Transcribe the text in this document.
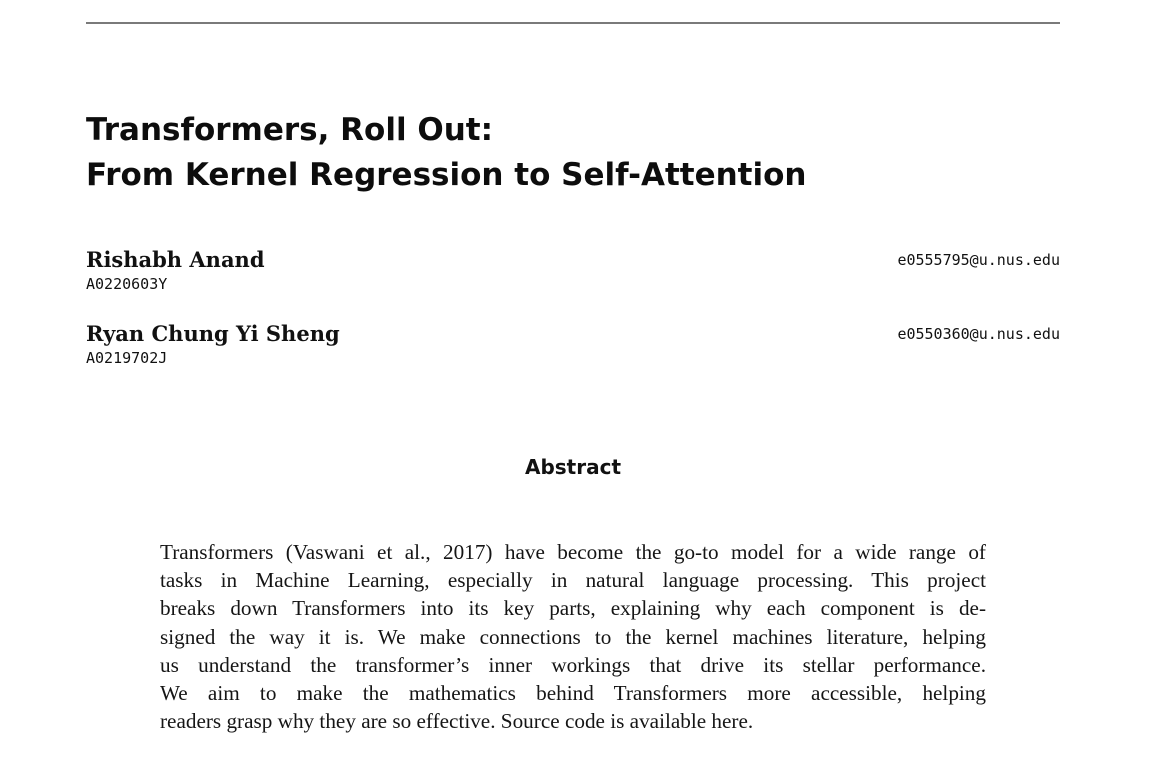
Transformers, Roll Out:
From Kernel Regression to Self-Attention
Rishabh Anand
A0220603Y
e0555795@u.nus.edu
Ryan Chung Yi Sheng
A0219702J
e0550360@u.nus.edu
Abstract
Transformers (Vaswani et al., 2017) have become the go-to model for a wide range of
tasks in Machine Learning, especially in natural language processing. This project
breaks down Transformers into its key parts, explaining why each component is de-
signed the way it is. We make connections to the kernel machines literature, helping
us understand the transformer’s inner workings that drive its stellar performance.
We aim to make the mathematics behind Transformers more accessible, helping
readers grasp why they are so effective. Source code is available here.
